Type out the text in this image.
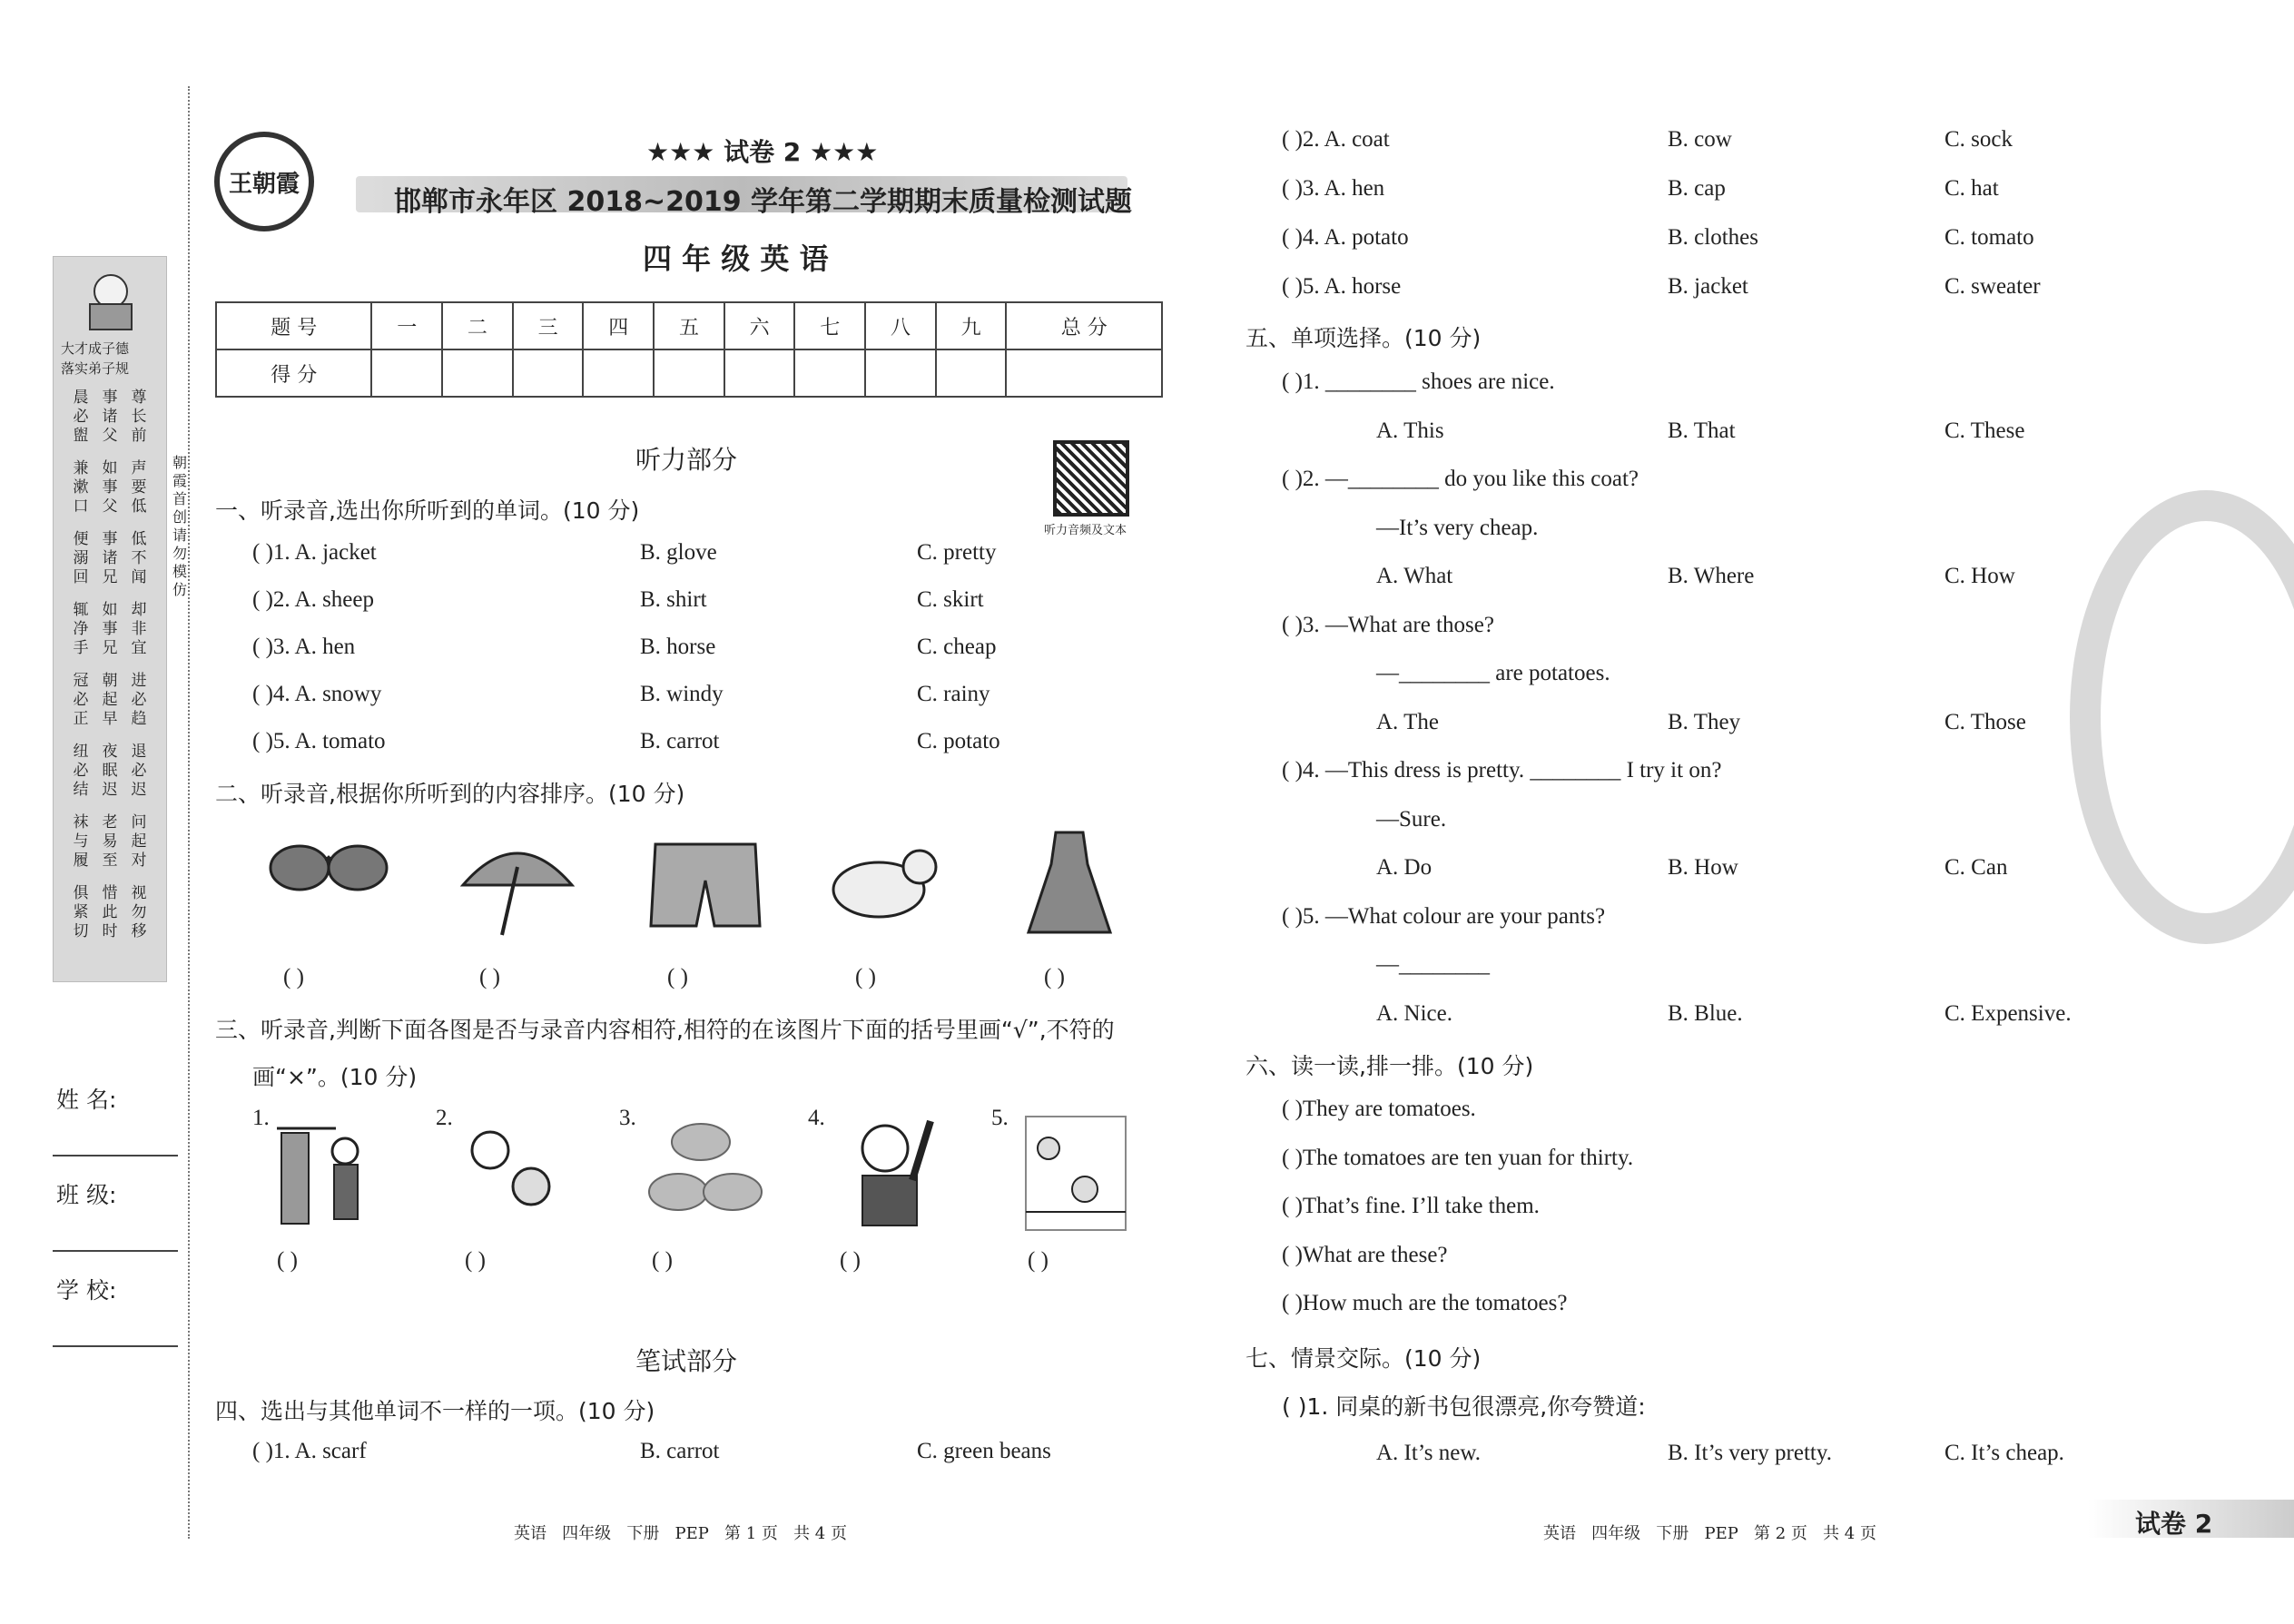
大才成子德
落实弟子规
晨必盥
事诸父
尊长前
兼漱口
如事父
声要低
便溺回
事诸兄
低不闻
辄净手
如事兄
却非宜
冠必正
朝起早
进必趋
纽必结
夜眠迟
退必迟
袜与履
老易至
问起对
俱紧切
惜此时
视勿移
朝霞首创 请勿模仿
姓 名:
班 级:
学 校:
王朝霞
★★★ 试卷 2 ★★★
邯郸市永年区 2018~2019 学年第二学期期末质量检测试题
四 年 级 英 语
题 号	一	二	三	四	五	六	七	八	九	总 分
得 分										
听力部分
听力音频及文本
一、听录音,选出你所听到的单词。(10 分)
二、听录音,根据你所听到的内容排序。(10 分)
三、听录音,判断下面各图是否与录音内容相符,相符的在该图片下面的括号里画“√”,不符的
画“×”。(10 分)
笔试部分
四、选出与其他单词不一样的一项。(10 分)
英语   四年级   下册   PEP   第 1 页   共 4 页
五、单项选择。(10 分)
六、读一读,排一排。(10 分)
七、情景交际。(10 分)
( )1. 同桌的新书包很漂亮,你夸赞道:
英语   四年级   下册   PEP   第 2 页   共 4 页	试卷 2
( )1. A. jacket	B. glove	C. pretty
( )2. A. sheep	B. shirt	C. skirt
( )3. A. hen	B. horse	C. cheap
( )4. A. snowy	B. windy	C. rainy
( )5. A. tomato	B. carrot	C. potato
( )	( )	( )	( )	( )
1.	2.	3.	4.	5.
( )	( )	( )	( )	( )
( )1. A. scarf	B. carrot	C. green beans
( )2. A. coat	B. cow	C. sock
( )3. A. hen	B. cap	C. hat
( )4. A. potato	B. clothes	C. tomato
( )5. A. horse	B. jacket	C. sweater
( )1. ________ shoes are nice.
A. This	B. That	C. These
( )2. —________ do you like this coat?
—It’s very cheap.
A. What	B. Where	C. How
( )3. —What are those?
—________ are potatoes.
A. The	B. They	C. Those
( )4. —This dress is pretty. ________ I try it on?
—Sure.
A. Do	B. How	C. Can
( )5. —What colour are your pants?
—________
A. Nice.	B. Blue.	C. Expensive.
( )They are tomatoes.
( )The tomatoes are ten yuan for thirty.
( )That’s fine. I’ll take them.
( )What are these?
( )How much are the tomatoes?
A. It’s new.	B. It’s very pretty.	C. It’s cheap.
